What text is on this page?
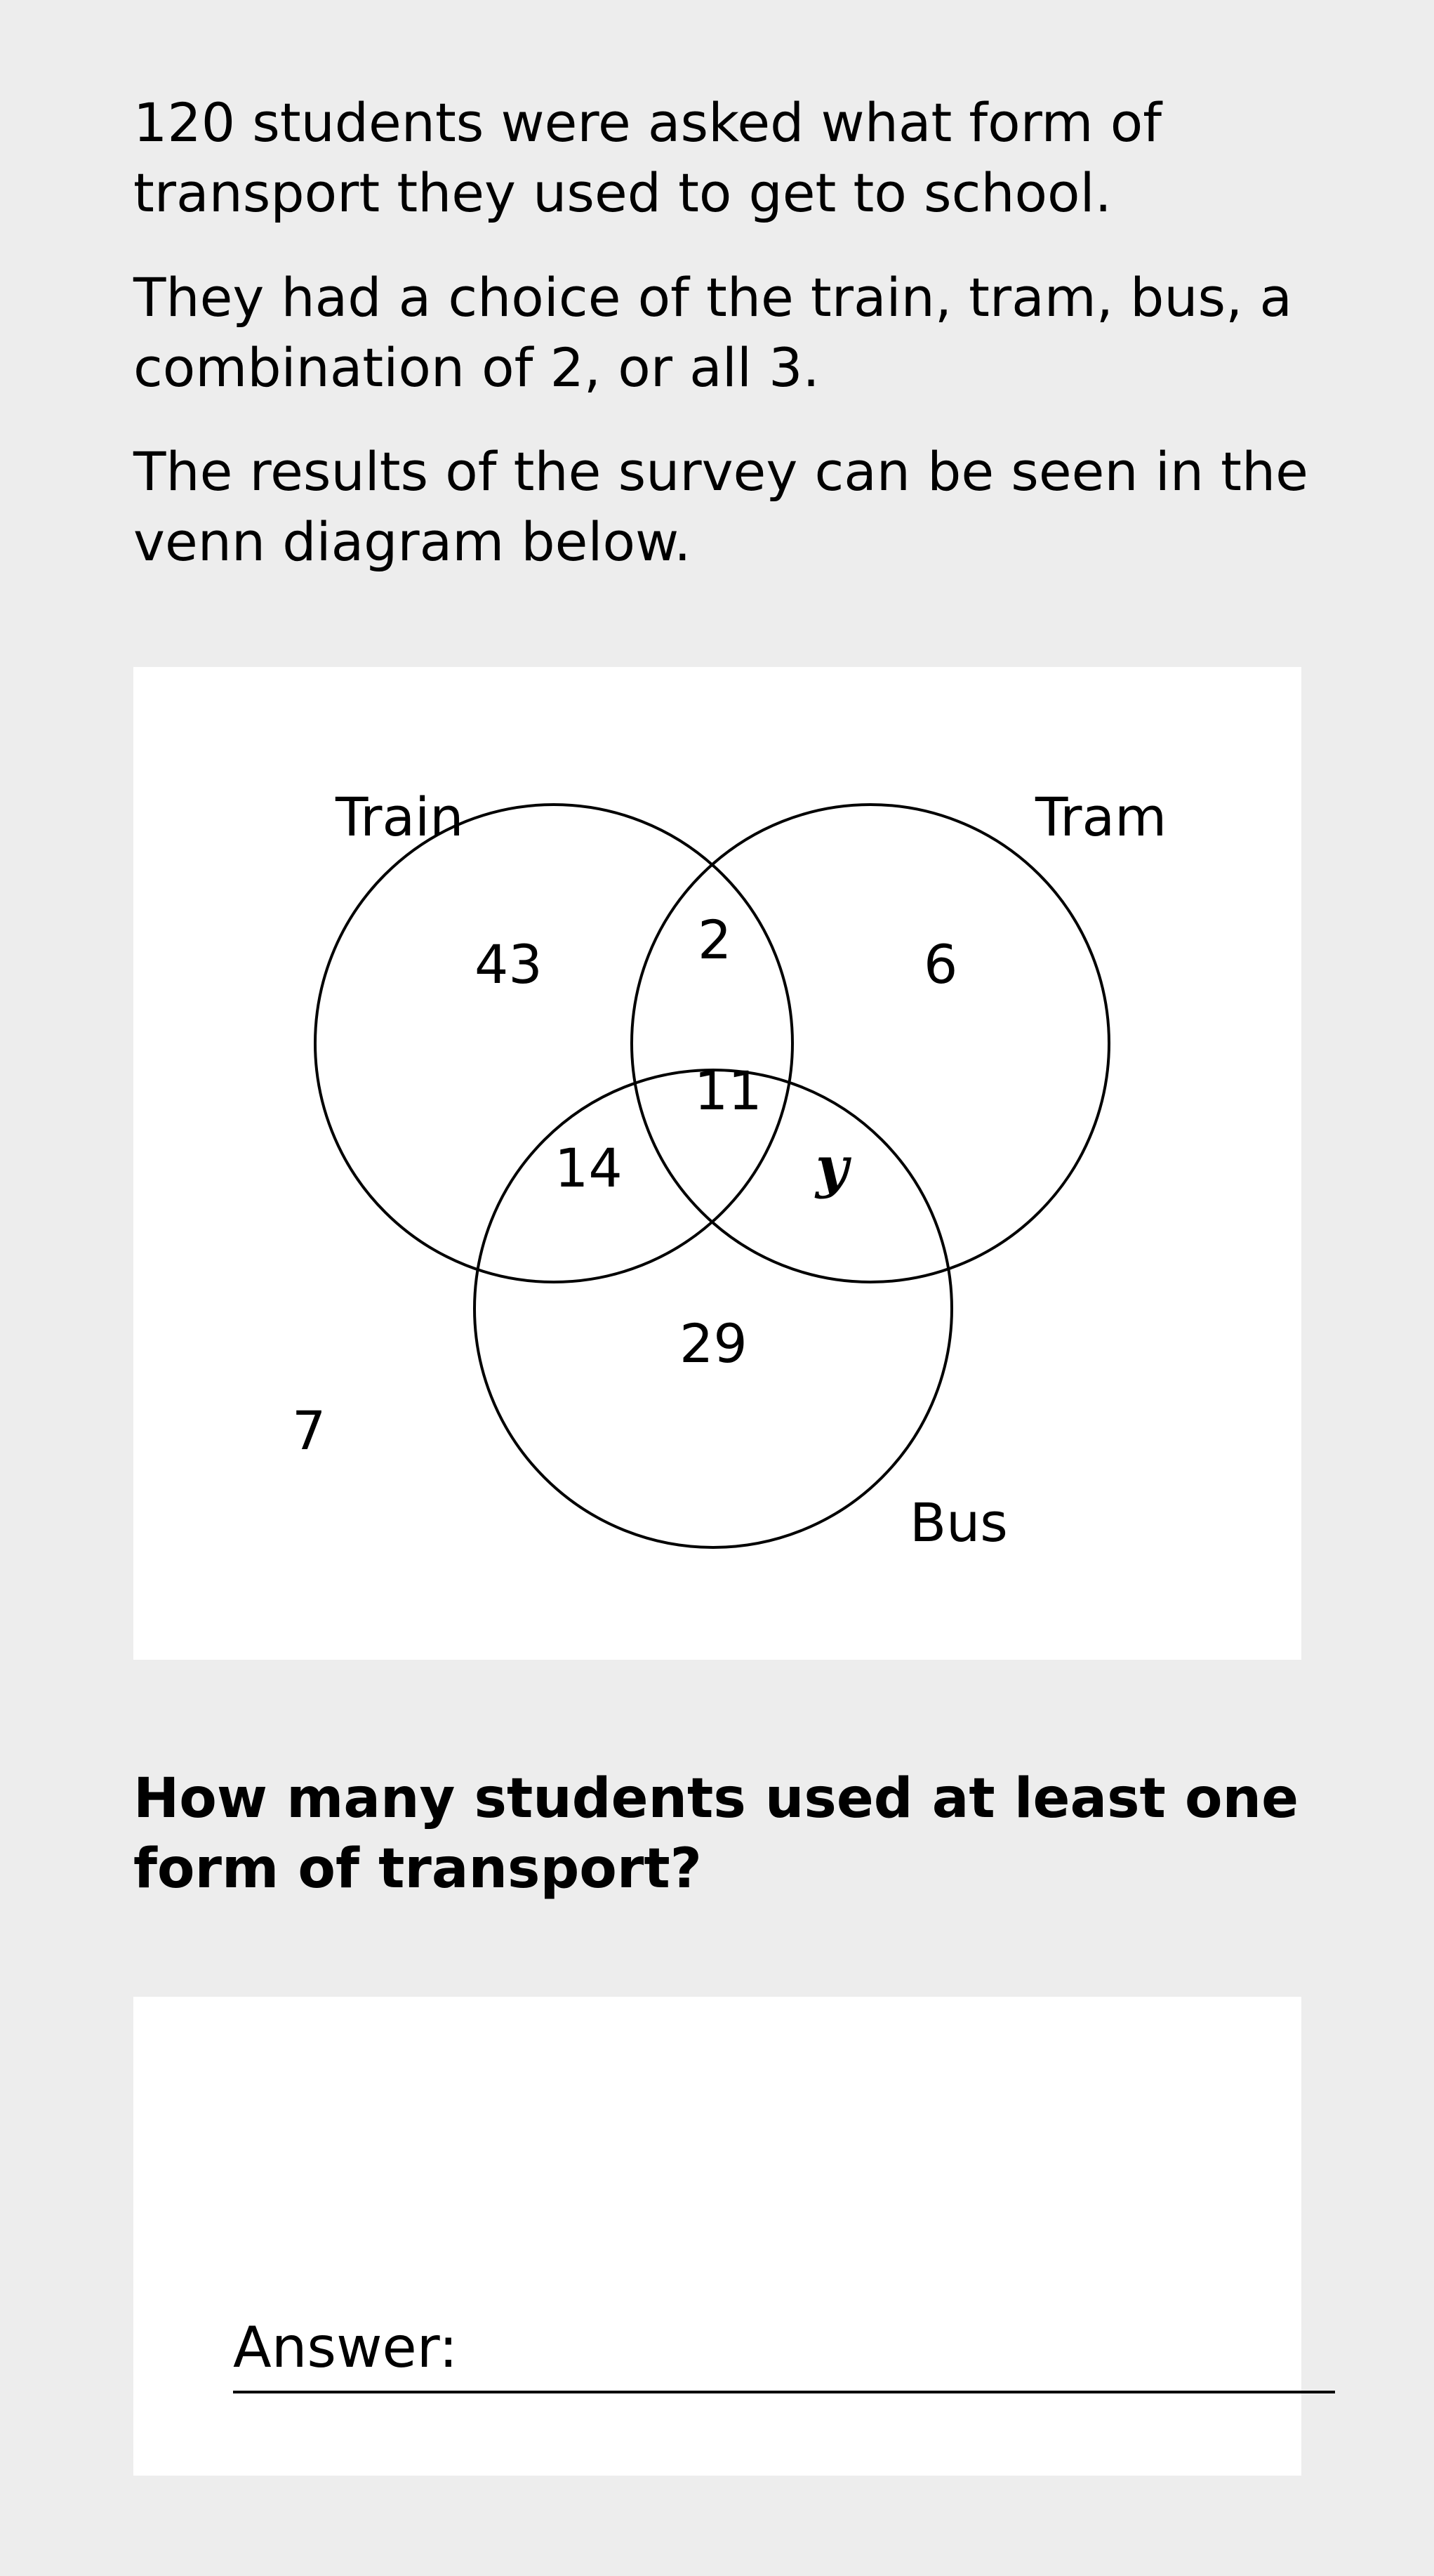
120 students were asked what form of transport they used to get to school.

They had a choice of the train, tram, bus, a combination of 2, or all 3.

The results of the survey can be seen in the venn diagram below.

Train	Tram
Bus
43	2	6
11
14	y
29
7

How many students used at least one form of transport?

Answer:
